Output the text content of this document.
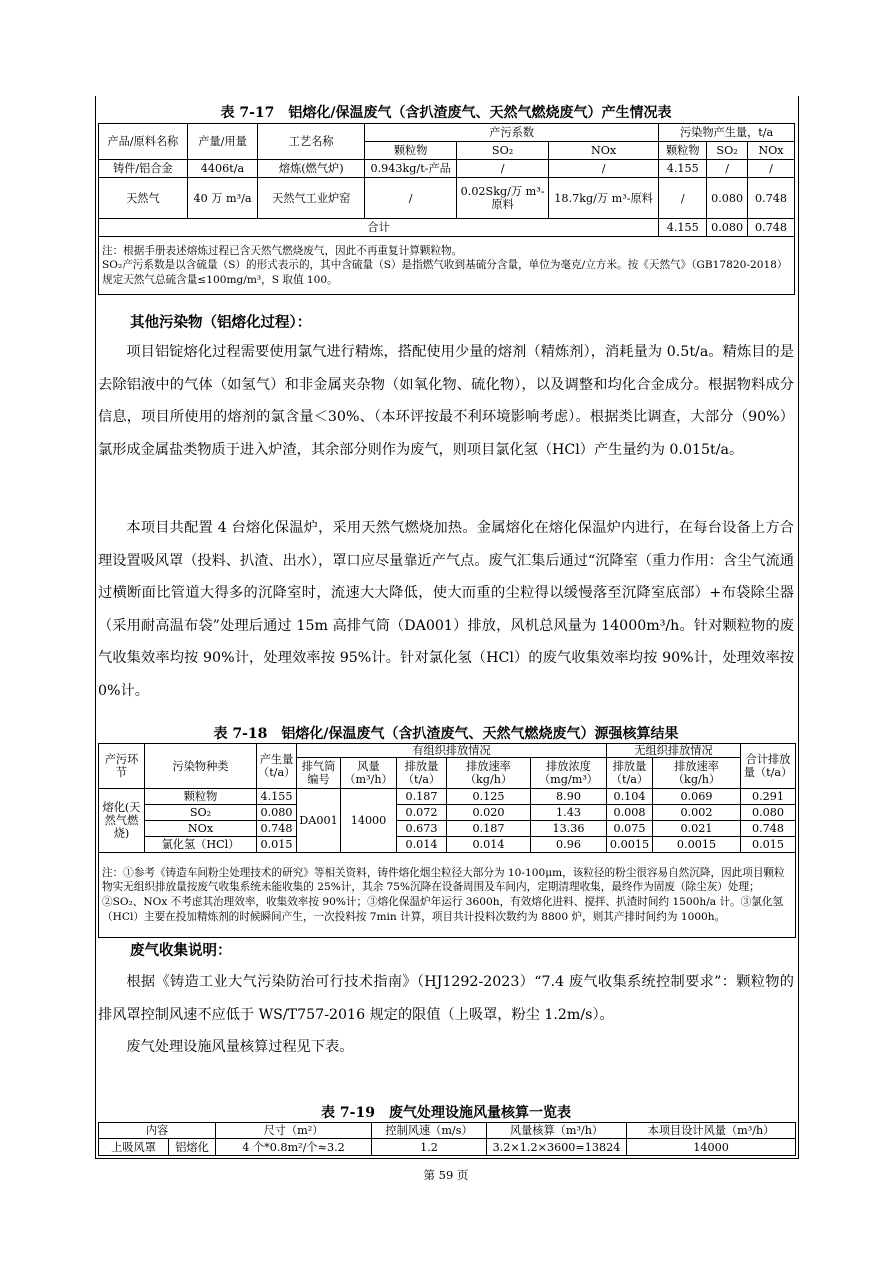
表 7-17　铝熔化/保温废气（含扒渣废气、天然气燃烧废气）产生情况表
产品/原料名称	产量/用量	工艺名称	产污系数			污染物产生量，t/a		
			颗粒物	SO₂	NOx	颗粒物	SO₂	NOx
铸件/铝合金	4406t/a	熔炼(燃气炉)	0.943kg/t-产品	/	/	4.155	/	/
天然气	40 万 m³/a	天然气工业炉窑	/	0.02Skg/万 m³-原料	18.7kg/万 m³-原料	/	0.080	0.748
合计						4.155	0.080	0.748
注：根据手册表述熔炼过程已含天然气燃烧废气，因此不再重复计算颗粒物。
SO₂产污系数是以含硫量（S）的形式表示的，其中含硫量（S）是指燃气收到基硫分含量，单位为毫克/立方米。按《天然气》（GB17820-2018）规定天然气总硫含量≤100mg/m³，S 取值 100。								
其他污染物（铝熔化过程）：

项目铝锭熔化过程需要使用氯气进行精炼，搭配使用少量的熔剂（精炼剂），消耗量为 0.5t/a。精炼目的是去除铝液中的气体（如氢气）和非金属夹杂物（如氧化物、硫化物），以及调整和均化合金成分。根据物料成分信息，项目所使用的熔剂的氯含量＜30%、（本环评按最不利环境影响考虑）。根据类比调查，大部分（90%）氯形成金属盐类物质于进入炉渣，其余部分则作为废气，则项目氯化氢（HCl）产生量约为 0.015t/a。

本项目共配置 4 台熔化保温炉，采用天然气燃烧加热。金属熔化在熔化保温炉内进行，在每台设备上方合理设置吸风罩（投料、扒渣、出水），罩口应尽量靠近产气点。废气汇集后通过“沉降室（重力作用：含尘气流通过横断面比管道大得多的沉降室时，流速大大降低，使大而重的尘粒得以缓慢落至沉降室底部）+布袋除尘器（采用耐高温布袋”处理后通过 15m 高排气筒（DA001）排放，风机总风量为 14000m³/h。针对颗粒物的废气收集效率均按 90%计，处理效率按 95%计。针对氯化氢（HCl）的废气收集效率均按 90%计，处理效率按 0%计。

表 7-18　铝熔化/保温废气（含扒渣废气、天然气燃烧废气）源强核算结果
产污环节	污染物种类	产生量（t/a）	有组织排放情况					无组织排放情况		合计排放量（t/a）
			排气筒编号	风量（m³/h）	排放量（t/a）	排放速率（kg/h）	排放浓度（mg/m³）	排放量（t/a）	排放速率（kg/h）	

熔化(天然气燃烧)	颗粒物	4.155	DA001	14000	0.187	0.125	8.90	0.104	0.069	0.291
	SO₂	0.080			0.072	0.020	1.43	0.008	0.002	0.080
	NOx	0.748			0.673	0.187	13.36	0.075	0.021	0.748
	氯化氢（HCl）	0.015			0.014	0.014	0.96	0.0015	0.0015	0.015
注：①参考《铸造车间粉尘处理技术的研究》等相关资料，铸件熔化烟尘粒径大部分为 10-100μm，该粒径的粉尘很容易自然沉降，因此项目颗粒物实无组织排放量按废气收集系统未能收集的 25%计，其余 75%沉降在设备周围及车间内，定期清理收集，最终作为固废（除尘灰）处理；②SO₂、NOx 不考虑其治理效率，收集效率按 90%计；③熔化保温炉年运行 3600h，有效熔化进料、搅拌、扒渣时间约 1500h/a 计。③氯化氢（HCl）主要在投加精炼剂的时候瞬间产生，一次投料按 7min 计算，项目共计投料次数约为 8800 炉，则其产排时间约为 1000h。										
废气收集说明：

根据《铸造工业大气污染防治可行技术指南》（HJ1292-2023）“7.4 废气收集系统控制要求”：颗粒物的排风罩控制风速不应低于 WS/T757-2016 规定的限值（上吸罩，粉尘 1.2m/s）。

废气处理设施风量核算过程见下表。

表 7-19　废气处理设施风量核算一览表
内容		尺寸（m²）	控制风速（m/s）	风量核算（m³/h）	本项目设计风量（m³/h）
上吸风罩	铝熔化	4 个*0.8m²/个≈3.2	1.2	3.2×1.2×3600=13824	14000
第 59 页
